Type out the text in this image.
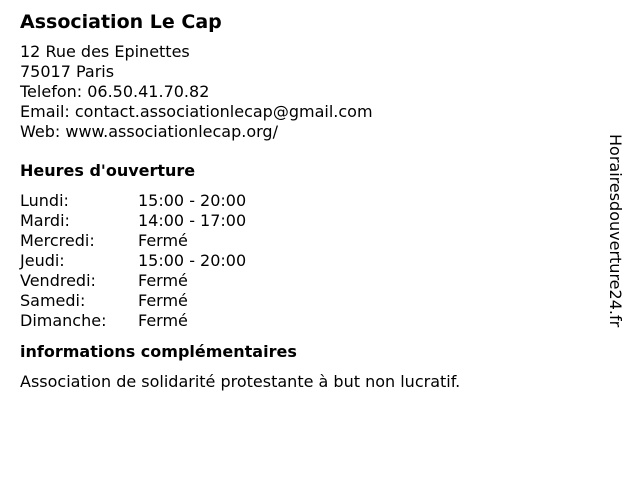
Association Le Cap
12 Rue des Epinettes
75017 Paris
Telefon: 06.50.41.70.82
Email: contact.associationlecap@gmail.com
Web: www.associationlecap.org/
Heures d'ouverture
Lundi:	15:00 - 20:00
Mardi:	14:00 - 17:00
Mercredi:	Fermé
Jeudi:	15:00 - 20:00
Vendredi:	Fermé
Samedi:	Fermé
Dimanche:	Fermé
informations complémentaires
Association de solidarité protestante à but non lucratif.
Horairesdouverture24.fr
